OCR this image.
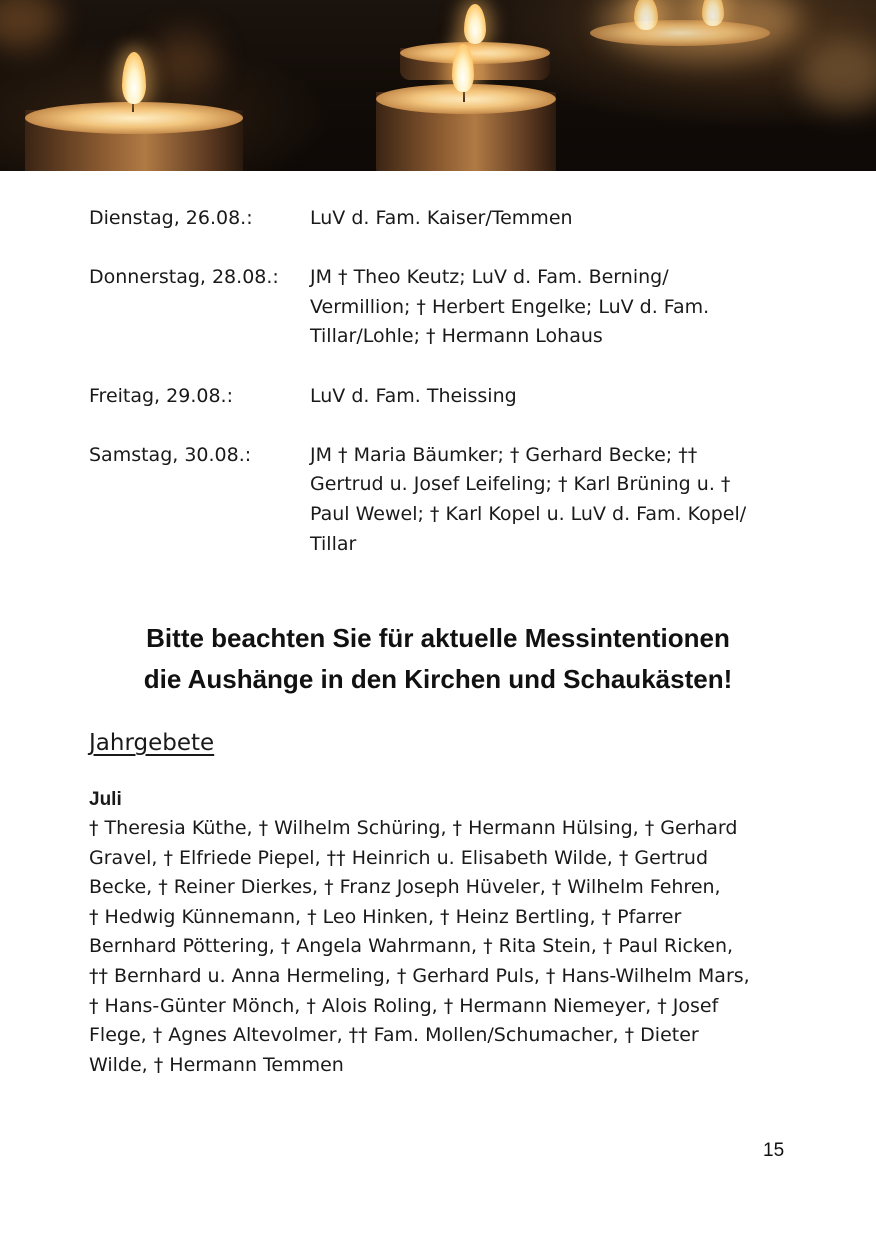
Dienstag, 26.08.:	LuV d. Fam. Kaiser/Temmen
Donnerstag, 28.08.:	JM † Theo Keutz; LuV d. Fam. Berning/
Vermillion; † Herbert Engelke; LuV d. Fam.
Tillar/Lohle; † Hermann Lohaus
Freitag, 29.08.:	LuV d. Fam. Theissing
Samstag, 30.08.:	JM † Maria Bäumker; † Gerhard Becke; ††
Gertrud u. Josef Leifeling; † Karl Brüning u. †
Paul Wewel; † Karl Kopel u. LuV d. Fam. Kopel/
Tillar
Bitte beachten Sie für aktuelle Messintentionen
die Aushänge in den Kirchen und Schaukästen!
Jahrgebete
Juli
† Theresia Küthe, † Wilhelm Schüring, † Hermann Hülsing, † Gerhard
Gravel, † Elfriede Piepel, †† Heinrich u. Elisabeth Wilde, † Gertrud
Becke, † Reiner Dierkes, † Franz Joseph Hüveler, † Wilhelm Fehren,
† Hedwig Künnemann, † Leo Hinken, † Heinz Bertling, † Pfarrer
Bernhard Pöttering, † Angela Wahrmann, † Rita Stein, † Paul Ricken,
†† Bernhard u. Anna Hermeling, † Gerhard Puls, † Hans-Wilhelm Mars,
† Hans-Günter Mönch, † Alois Roling, † Hermann Niemeyer, † Josef
Flege, † Agnes Altevolmer, †† Fam. Mollen/Schumacher, † Dieter
Wilde, † Hermann Temmen
15
